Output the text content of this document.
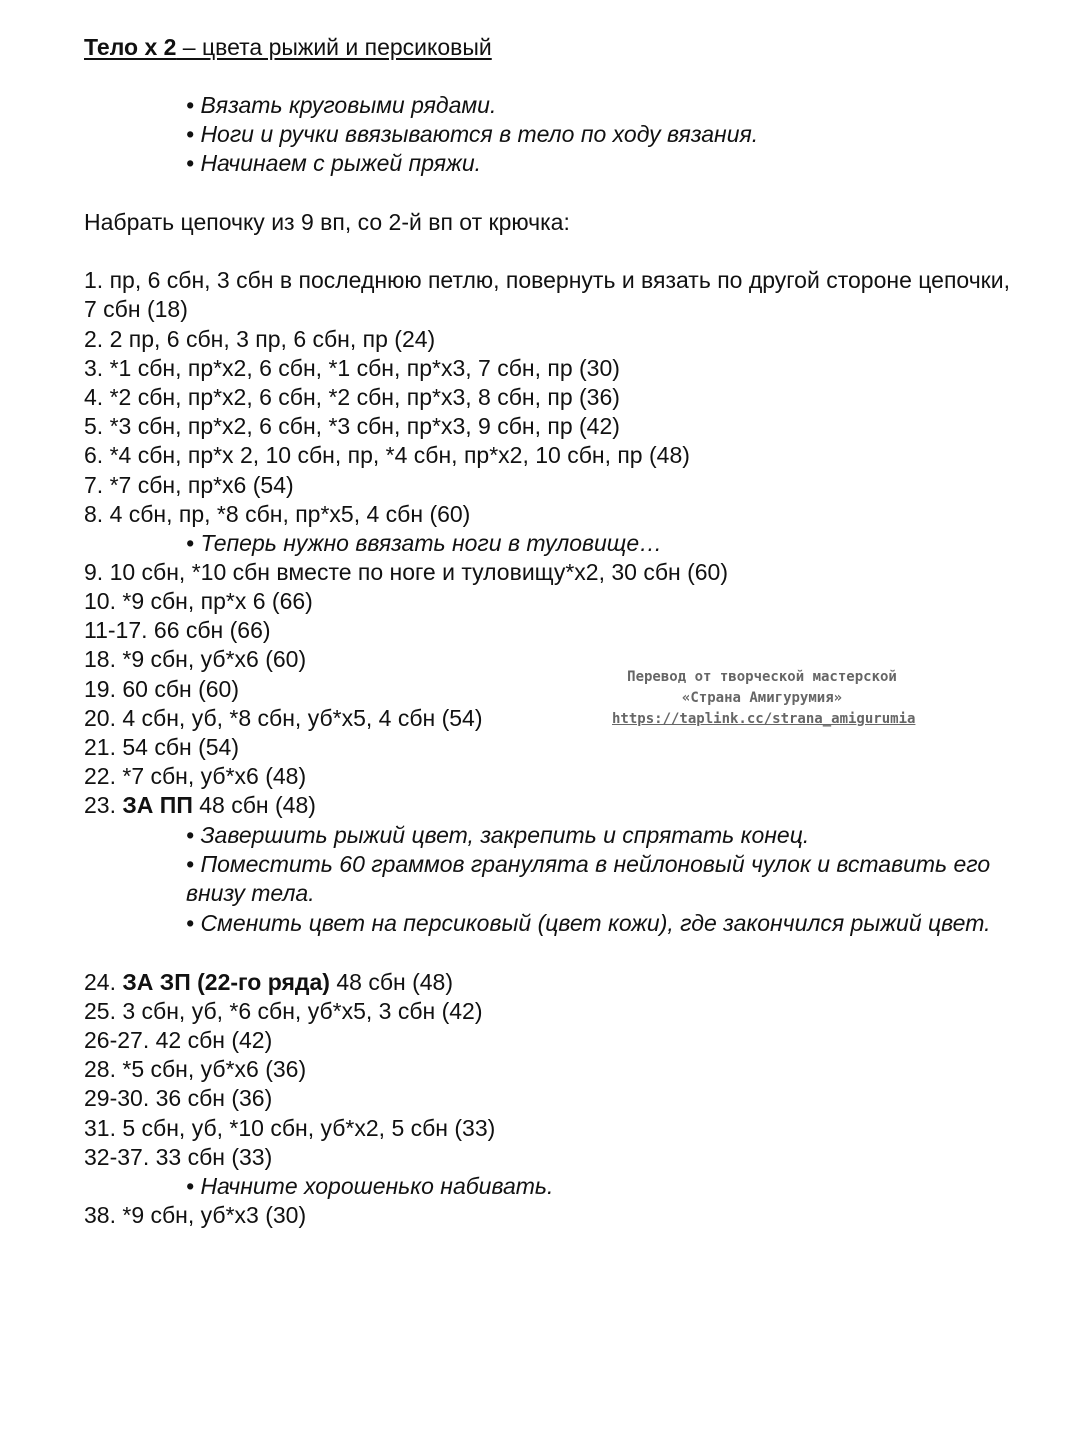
Тело х 2 – цвета рыжий и персиковый
• Вязать круговыми рядами.
• Ноги и ручки ввязываются в тело по ходу вязания.
• Начинаем с рыжей пряжи.
Набрать цепочку из 9 вп, со 2-й вп от крючка:
1. пр, 6 сбн, 3 сбн в последнюю петлю, повернуть и вязать по другой стороне цепочки, 7 сбн (18)
2. 2 пр, 6 сбн, 3 пр, 6 сбн, пр (24)
3. *1 сбн, пр*х2, 6 сбн, *1 сбн, пр*х3, 7 сбн, пр (30)
4. *2 сбн, пр*х2, 6 сбн, *2 сбн, пр*х3, 8 сбн, пр (36)
5. *3 сбн, пр*х2, 6 сбн, *3 сбн, пр*х3, 9 сбн, пр (42)
6. *4 сбн, пр*х 2, 10 сбн, пр, *4 сбн, пр*х2, 10 сбн, пр (48)
7. *7 сбн, пр*х6 (54)
8. 4 сбн, пр, *8 сбн, пр*х5, 4 сбн (60)
• Теперь нужно ввязать ноги в туловище…
9. 10 сбн, *10 сбн вместе по ноге и туловищу*х2, 30 сбн (60)
10. *9 сбн, пр*х 6 (66)
11-17. 66 сбн (66)
18. *9 сбн, уб*х6 (60)
19. 60 сбн (60)
20. 4 сбн, уб, *8 сбн, уб*х5, 4 сбн (54)
21. 54 сбн (54)
22. *7 сбн, уб*х6 (48)
23. ЗА ПП 48 сбн (48)
• Завершить рыжий цвет, закрепить и спрятать конец.
• Поместить 60 граммов гранулята в нейлоновый чулок и вставить его внизу тела.
• Сменить цвет на персиковый (цвет кожи), где закончился рыжий цвет.
24. ЗА ЗП (22-го ряда) 48 сбн (48)
25. 3 сбн, уб, *6 сбн, уб*х5, 3 сбн (42)
26-27. 42 сбн (42)
28. *5 сбн, уб*х6 (36)
29-30. 36 сбн (36)
31. 5 сбн, уб, *10 сбн, уб*х2, 5 сбн (33)
32-37. 33 сбн (33)
• Начните хорошенько набивать.
38. *9 сбн, уб*х3 (30)
Перевод от творческой мастерской
«Страна Амигурумия»
https://taplink.cc/strana_amigurumia
